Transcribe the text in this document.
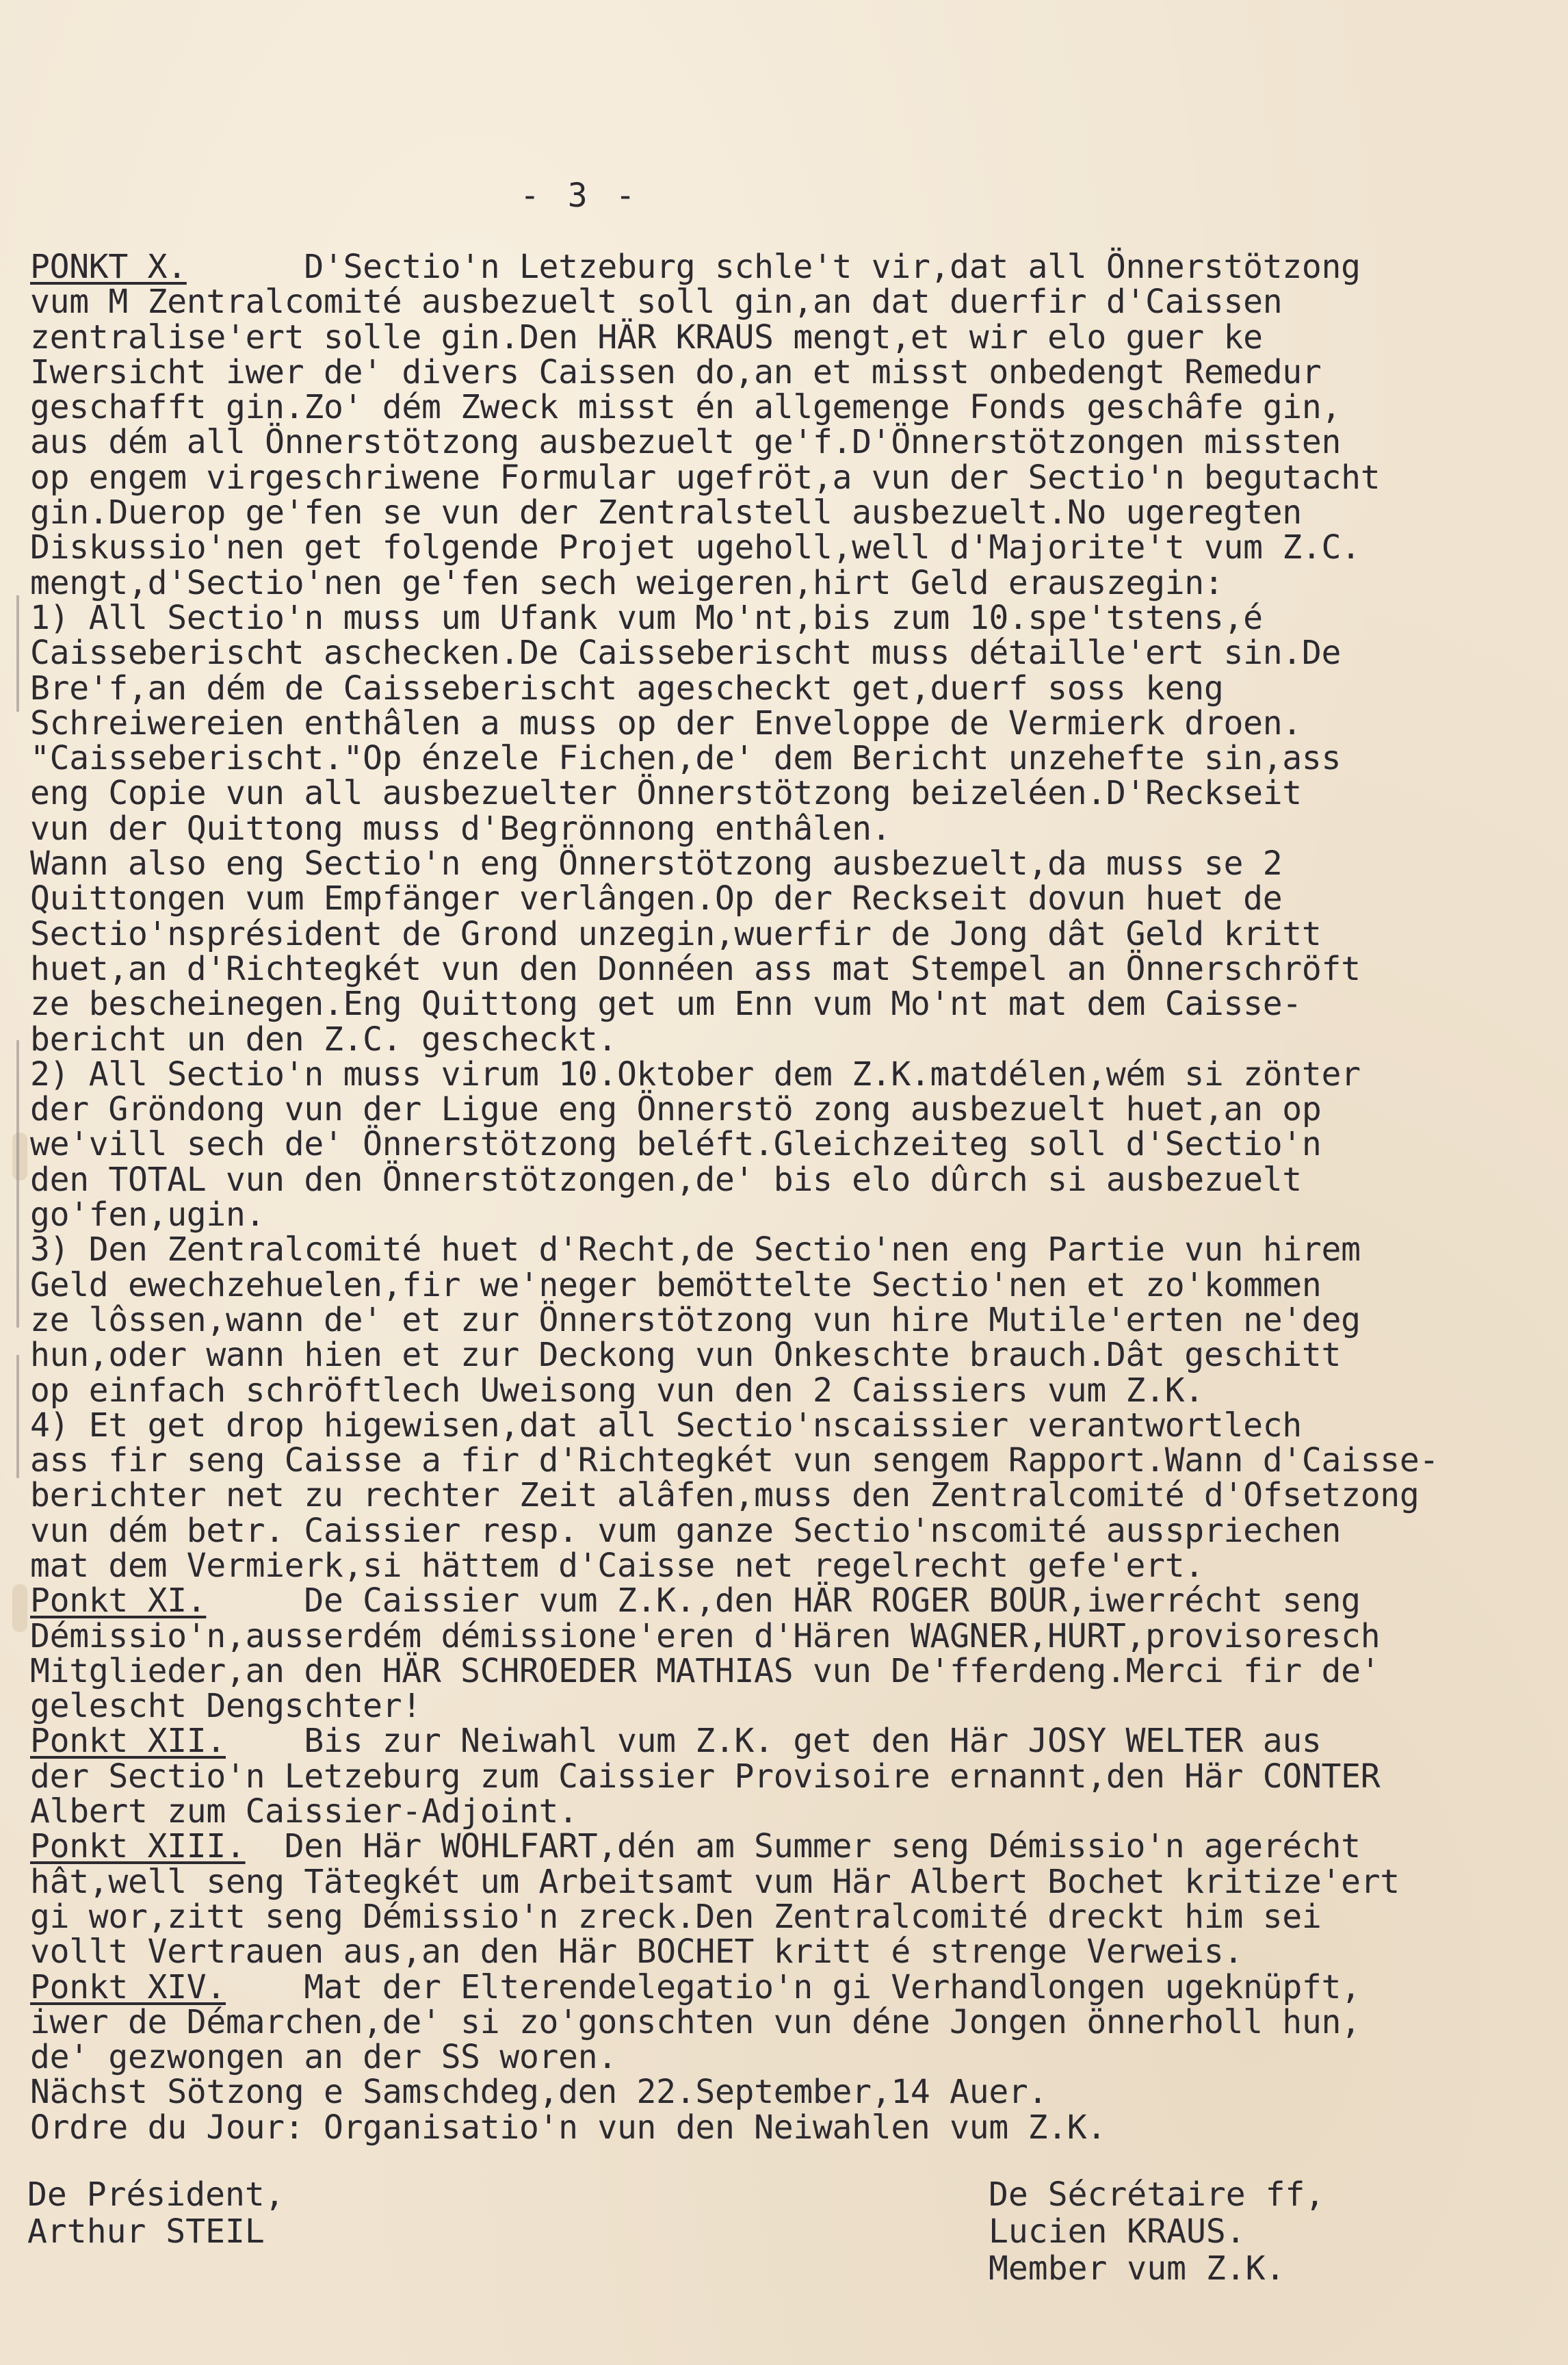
- 3 -
PONKT X.      D'Sectio'n Letzeburg schle't vir,dat all Önnerstötzong
vum M Zentralcomité ausbezuelt soll gin,an dat duerfir d'Caissen
zentralise'ert solle gin.Den HÄR KRAUS mengt,et wir elo guer ke
Iwersicht iwer de' divers Caissen do,an et misst onbedengt Remedur
geschafft gin.Zo' dém Zweck misst én allgemenge Fonds geschâfe gin,
aus dém all Önnerstötzong ausbezuelt ge'f.D'Önnerstötzongen missten
op engem virgeschriwene Formular ugefröt,a vun der Sectio'n begutacht
gin.Duerop ge'fen se vun der Zentralstell ausbezuelt.No ugeregten
Diskussio'nen get folgende Projet ugeholl,well d'Majorite't vum Z.C.
mengt,d'Sectio'nen ge'fen sech weigeren,hirt Geld erauszegin:
1) All Sectio'n muss um Ufank vum Mo'nt,bis zum 10.spe'tstens,é
Caisseberischt aschecken.De Caisseberischt muss détaille'ert sin.De
Bre'f,an dém de Caisseberischt agescheckt get,duerf soss keng
Schreiwereien enthâlen a muss op der Enveloppe de Vermierk droen.
"Caisseberischt."Op énzele Fichen,de' dem Bericht unzehefte sin,ass
eng Copie vun all ausbezuelter Önnerstötzong beizeléen.D'Reckseit
vun der Quittong muss d'Begrönnong enthâlen.
Wann also eng Sectio'n eng Önnerstötzong ausbezuelt,da muss se 2
Quittongen vum Empfänger verlângen.Op der Reckseit dovun huet de
Sectio'nsprésident de Grond unzegin,wuerfir de Jong dât Geld kritt
huet,an d'Richtegkét vun den Donnéen ass mat Stempel an Önnerschröft
ze bescheinegen.Eng Quittong get um Enn vum Mo'nt mat dem Caisse-
bericht un den Z.C. gescheckt.
2) All Sectio'n muss virum 10.Oktober dem Z.K.matdélen,wém si zönter
der Gröndong vun der Ligue eng Önnerstö zong ausbezuelt huet,an op
we'vill sech de' Önnerstötzong beléft.Gleichzeiteg soll d'Sectio'n
den TOTAL vun den Önnerstötzongen,de' bis elo dûrch si ausbezuelt
go'fen,ugin.
3) Den Zentralcomité huet d'Recht,de Sectio'nen eng Partie vun hirem
Geld ewechzehuelen,fir we'neger bemöttelte Sectio'nen et zo'kommen
ze lôssen,wann de' et zur Önnerstötzong vun hire Mutile'erten ne'deg
hun,oder wann hien et zur Deckong vun Onkeschte brauch.Dât geschitt
op einfach schröftlech Uweisong vun den 2 Caissiers vum Z.K.
4) Et get drop higewisen,dat all Sectio'nscaissier verantwortlech
ass fir seng Caisse a fir d'Richtegkét vun sengem Rapport.Wann d'Caisse-
berichter net zu rechter Zeit alâfen,muss den Zentralcomité d'Ofsetzong
vun dém betr. Caissier resp. vum ganze Sectio'nscomité ausspriechen
mat dem Vermierk,si hättem d'Caisse net regelrecht gefe'ert.
Ponkt XI.     De Caissier vum Z.K.,den HÄR ROGER BOUR,iwerrécht seng
Démissio'n,ausserdém démissione'eren d'Hären WAGNER,HURT,provisoresch
Mitglieder,an den HÄR SCHROEDER MATHIAS vun De'fferdeng.Merci fir de'
gelescht Dengschter!
Ponkt XII.    Bis zur Neiwahl vum Z.K. get den Här JOSY WELTER aus
der Sectio'n Letzeburg zum Caissier Provisoire ernannt,den Här CONTER
Albert zum Caissier-Adjoint.
Ponkt XIII.  Den Här WOHLFART,dén am Summer seng Démissio'n agerécht
hât,well seng Tätegkét um Arbeitsamt vum Här Albert Bochet kritize'ert
gi wor,zitt seng Démissio'n zreck.Den Zentralcomité dreckt him sei
vollt Vertrauen aus,an den Här BOCHET kritt é strenge Verweis.
Ponkt XIV.    Mat der Elterendelegatio'n gi Verhandlongen ugeknüpft,
iwer de Démarchen,de' si zo'gonschten vun déne Jongen önnerholl hun,
de' gezwongen an der SS woren.
Nächst Sötzong e Samschdeg,den 22.September,14 Auer.
Ordre du Jour: Organisatio'n vun den Neiwahlen vum Z.K.
De Président,
Arthur STEIL
De Sécrétaire ff,
Lucien KRAUS.
Member vum Z.K.
